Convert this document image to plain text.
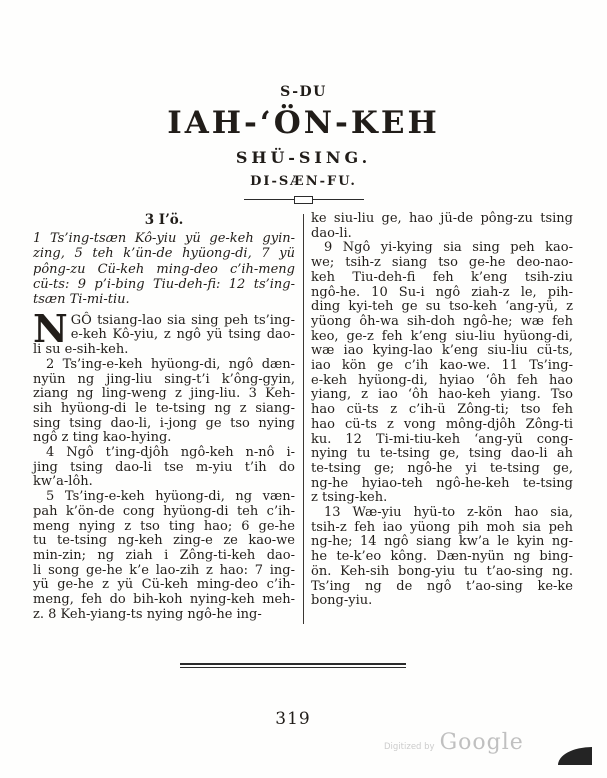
S-DU
IAH-‘ÖN-KEH
SHÜ-SING.
DI-SÆN-FU.
3 I’ö.
1 Ts’ing-tsæn Kô-yiu yü ge-keh gyin-
zing, 5 teh k’ün-de hyüong-di, 7 yü
pông-zu Cü-keh ming-deo c’ih-meng
cü-ts: 9 p’i-bing Tiu-deh-fi: 12 ts’ing-
tsæn Ti-mi-tiu.
N GÔ tsiang-lao sia sing peh ts’ing-
e-keh Kô-yiu, z ngô yü tsing dao-
li su e-sih-keh.
2 Ts’ing-e-keh hyüong-di, ngô dæn-
nyün ng jing-liu sing-t’i k’ông-gyin,
ziang ng ling-weng z jing-liu. 3 Keh-
sih hyüong-di le te-tsing ng z siang-
sing tsing dao-li, i-jong ge tso nying
ngô z ting kao-hying.
4 Ngô t’ing-djôh ngô-keh n-nô i-
jing tsing dao-li tse m-yiu t’ih do
kw’a-lôh.
5 Ts’ing-e-keh hyüong-di, ng væn-
pah k’ön-de cong hyüong-di teh c’ih-
meng nying z tso ting hao; 6 ge-he
tu te-tsing ng-keh zing-e ze kao-we
min-zin; ng ziah i Zông-ti-keh dao-
li song ge-he k’e lao-zih z hao: 7 ing-
yü ge-he z yü Cü-keh ming-deo c’ih-
meng, feh do bih-koh nying-keh meh-
z. 8 Keh-yiang-ts nying ngô-he ing-
ke siu-liu ge, hao jü-de pông-zu tsing
dao-li.
9 Ngô yi-kying sia sing peh kao-
we; tsih-z siang tso ge-he deo-nao-
keh Tiu-deh-fi feh k’eng tsih-ziu
ngô-he. 10 Su-i ngô ziah-z le, pih-
ding kyi-teh ge su tso-keh ‘ang-yü, z
yüong ôh-wa sih-doh ngô-he; wæ feh
keo, ge-z feh k’eng siu-liu hyüong-di,
wæ iao kying-lao k’eng siu-liu cü-ts,
iao kön ge c’ih kao-we. 11 Ts’ing-
e-keh hyüong-di, hyiao ‘ôh feh hao
yiang, z iao ‘ôh hao-keh yiang. Tso
hao cü-ts z c’ih-ü Zông-ti; tso feh
hao cü-ts z vong mông-djôh Zông-ti
ku. 12 Ti-mi-tiu-keh ‘ang-yü cong-
nying tu te-tsing ge, tsing dao-li ah
te-tsing ge; ngô-he yi te-tsing ge,
ng-he hyiao-teh ngô-he-keh te-tsing
z tsing-keh.
13 Wæ-yiu hyü-to z-kön hao sia,
tsih-z feh iao yüong pih moh sia peh
ng-he; 14 ngô siang kw’a le kyin ng-
he te-k’eo kông. Dæn-nyün ng bing-
ön. Keh-sih bong-yiu tu t’ao-sing ng.
Ts’ing ng de ngô t’ao-sing ke-ke
bong-yiu.
319
Digitized by Google
